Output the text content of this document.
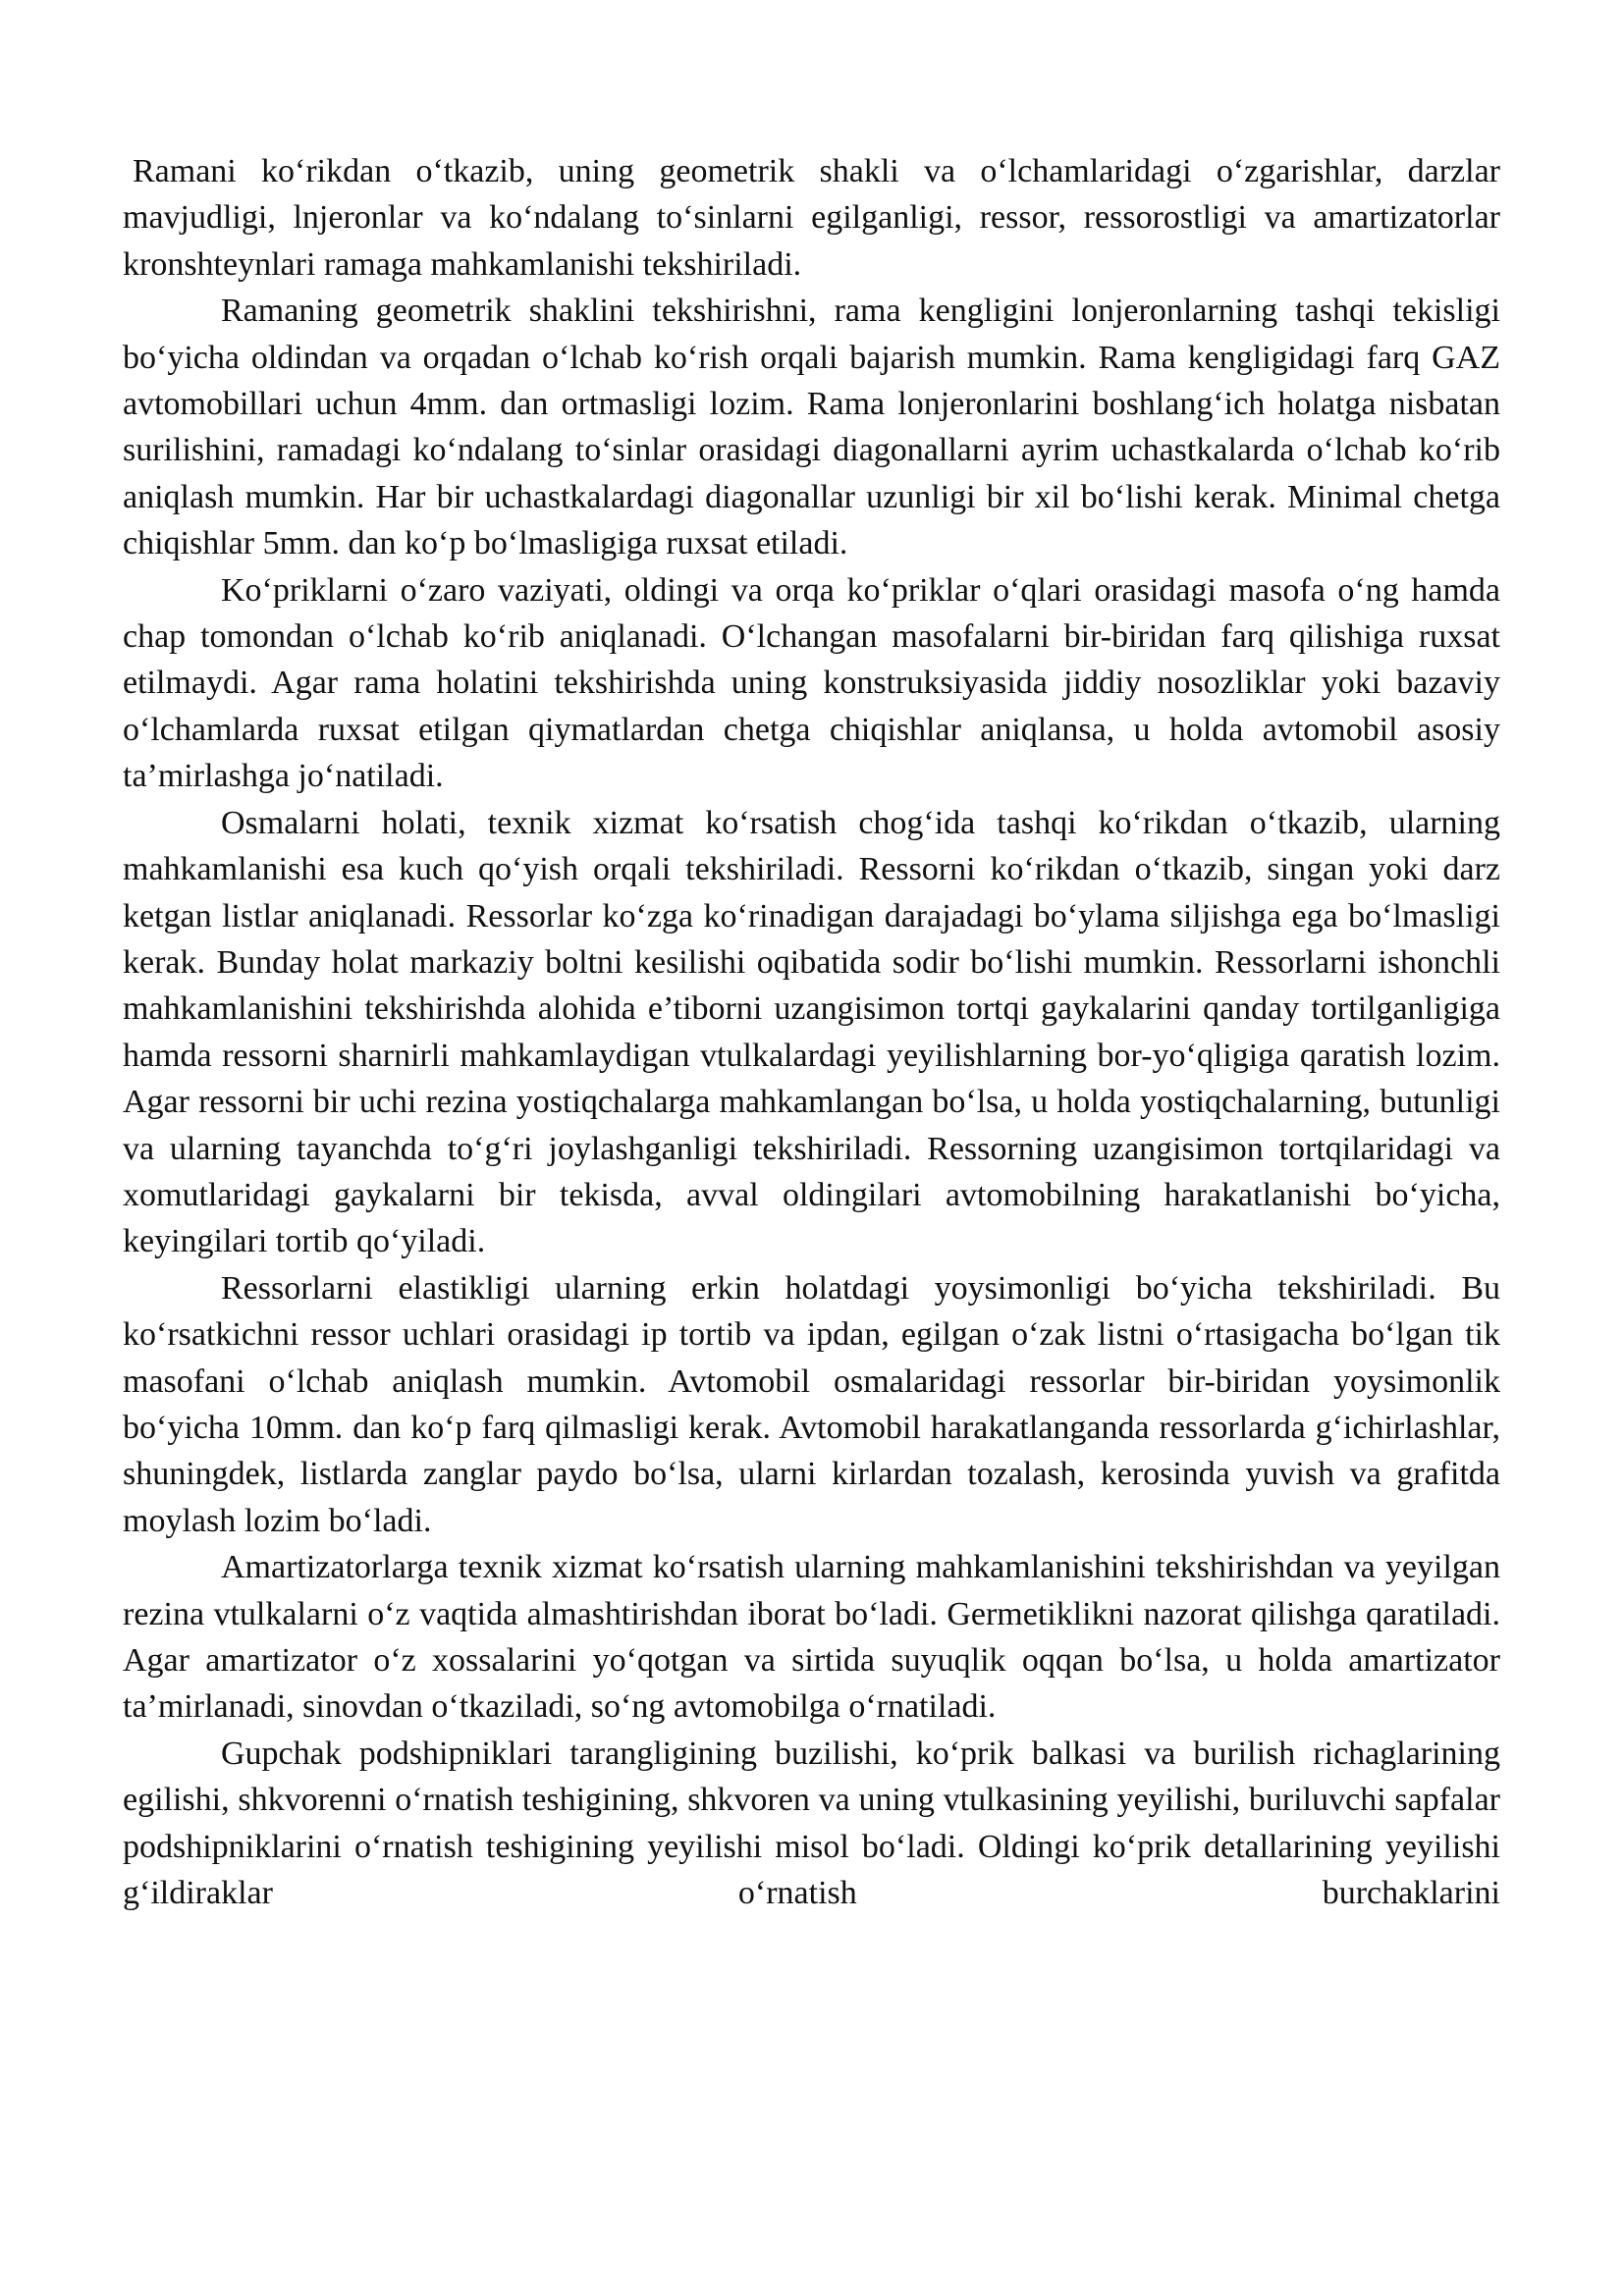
Ramani koʻrikdan oʻtkazib, uning geometrik shakli va oʻlchamlaridagi oʻzgarishlar, darzlar mavjudligi, lnjeronlar va koʻndalang toʻsinlarni egilganligi, ressor, ressorostligi va amartizatorlar kronshteynlari ramaga mahkamlanishi tekshiriladi.

Ramaning geometrik shaklini tekshirishni, rama kengligini lonjeronlarning tashqi tekisligi boʻyicha oldindan va orqadan oʻlchab koʻrish orqali bajarish mumkin. Rama kengligidagi farq GAZ avtomobillari uchun 4mm. dan ortmasligi lozim. Rama lonjeronlarini boshlangʻich holatga nisbatan surilishini, ramadagi koʻndalang toʻsinlar orasidagi diagonallarni ayrim uchastkalarda oʻlchab koʻrib aniqlash mumkin. Har bir uchastkalardagi diagonallar uzunligi bir xil boʻlishi kerak. Minimal chetga chiqishlar 5mm. dan koʻp boʻlmasligiga ruxsat etiladi.

Koʻpriklarni oʻzaro vaziyati, oldingi va orqa koʻpriklar oʻqlari orasidagi masofa oʻng hamda chap tomondan oʻlchab koʻrib aniqlanadi. Oʻlchangan masofalarni bir-biridan farq qilishiga ruxsat etilmaydi. Agar rama holatini tekshirishda uning konstruksiyasida jiddiy nosozliklar yoki bazaviy oʻlchamlarda ruxsat etilgan qiymatlardan chetga chiqishlar aniqlansa, u holda avtomobil asosiy ta’mirlashga joʻnatiladi.

Osmalarni holati, texnik xizmat koʻrsatish chogʻida tashqi koʻrikdan oʻtkazib, ularning mahkamlanishi esa kuch qoʻyish orqali tekshiriladi. Ressorni koʻrikdan oʻtkazib, singan yoki darz ketgan listlar aniqlanadi. Ressorlar koʻzga koʻrinadigan darajadagi boʻylama siljishga ega boʻlmasligi kerak. Bunday holat markaziy boltni kesilishi oqibatida sodir boʻlishi mumkin. Ressorlarni ishonchli mahkamlanishini tekshirishda alohida e’tiborni uzangisimon tortqi gaykalarini qanday tortilganligiga hamda ressorni sharnirli mahkamlaydigan vtulkalardagi yeyilishlarning bor-yoʻqligiga qaratish lozim. Agar ressorni bir uchi rezina yostiqchalarga mahkamlangan boʻlsa, u holda yostiqchalarning, butunligi va ularning tayanchda toʻgʻri joylashganligi tekshiriladi. Ressorning uzangisimon tortqilaridagi va xomutlaridagi gaykalarni bir tekisda, avval oldingilari avtomobilning harakatlanishi boʻyicha, keyingilari tortib qoʻyiladi.

Ressorlarni elastikligi ularning erkin holatdagi yoysimonligi boʻyicha tekshiriladi. Bu koʻrsatkichni ressor uchlari orasidagi ip tortib va ipdan, egilgan oʻzak listni oʻrtasigacha boʻlgan tik masofani oʻlchab aniqlash mumkin. Avtomobil osmalaridagi ressorlar bir-biridan yoysimonlik boʻyicha 10mm. dan koʻp farq qilmasligi kerak. Avtomobil harakatlanganda ressorlarda gʻichirlashlar, shuningdek, listlarda zanglar paydo boʻlsa, ularni kirlardan tozalash, kerosinda yuvish va grafitda moylash lozim boʻladi.

Amartizatorlarga texnik xizmat koʻrsatish ularning mahkamlanishini tekshirishdan va yeyilgan rezina vtulkalarni oʻz vaqtida almashtirishdan iborat boʻladi. Germetiklikni nazorat qilishga qaratiladi. Agar amartizator oʻz xossalarini yoʻqotgan va sirtida suyuqlik oqqan boʻlsa, u holda amartizator ta’mirlanadi, sinovdan oʻtkaziladi, soʻng avtomobilga oʻrnatiladi.

Gupchak podshipniklari tarangligining buzilishi, koʻprik balkasi va burilish richaglarining egilishi, shkvorenni oʻrnatish teshigining, shkvoren va uning vtulkasining yeyilishi, buriluvchi sapfalar podshipniklarini oʻrnatish teshigining yeyilishi misol boʻladi. Oldingi koʻprik detallarining yeyilishi gʻildiraklar oʻrnatish burchaklarini
